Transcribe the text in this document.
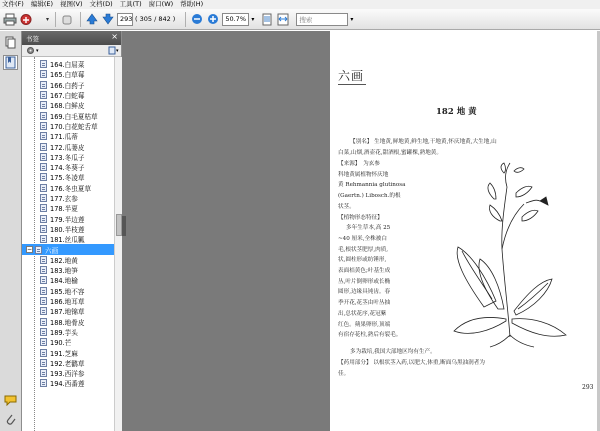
文件(F) 编辑(E) 视图(V) 文档(D) 工具(T) 窗口(W) 帮助(H)
▾	293 ( 305 / 842 )	50.7% ▾	搜索	▾
书签	×
▾	▾
164.白屈菜
165.白草莓
166.白药子
167.白蛇莓
168.白鲜皮
169.白毛夏枯草
170.白花蛇舌草
171.瓜蒂
172.瓜蒌皮
173.冬瓜子
174.冬葵子
175.冬凌草
176.冬虫夏草
177.玄参
178.半夏
179.半边莲
180.半枝莲
181.丝瓜瓤
− 六画
182.地黄
183.地笋
184.地榆
185.地不容
186.地耳草
187.地锦草
188.地骨皮
189.芋头
190.芒
191.芝麻
192.老鹳草
193.西洋参
194.西番莲
六画
182 地 黄
【别名】 生地黄,鲜地黄,鲜生地,干地黄,怀庆地黄,大生地,山
白菜,山烟,酒壶花,甜酒根,蜜罐棵,熟地黄。
【来源】　为玄参
科地黄属植物怀庆地
黄 Rehmannia glutinosa
(Gaertn.) Libosch.的根
状茎。
【植物形态特征】
多年生草本,高 25
~40 厘米,全株被白
毛,根状茎肥厚,肉质,
状,圆柱形或纺锤形,
表面桔黄色;叶基生成
丛,叶片倒卵形或长椭
圆形,边缘具钝齿。春
季开花,花茎由叶丛抽
出,总状花序,花冠紫
红色。蒴果卵形,顶端
有宿存花柱,熟后有裂毛。
多为栽培,我国大部地区均有生产。
【药用部分】 以根状茎入药,以肥大,体重,断面乌黑油润者为
佳。
293
